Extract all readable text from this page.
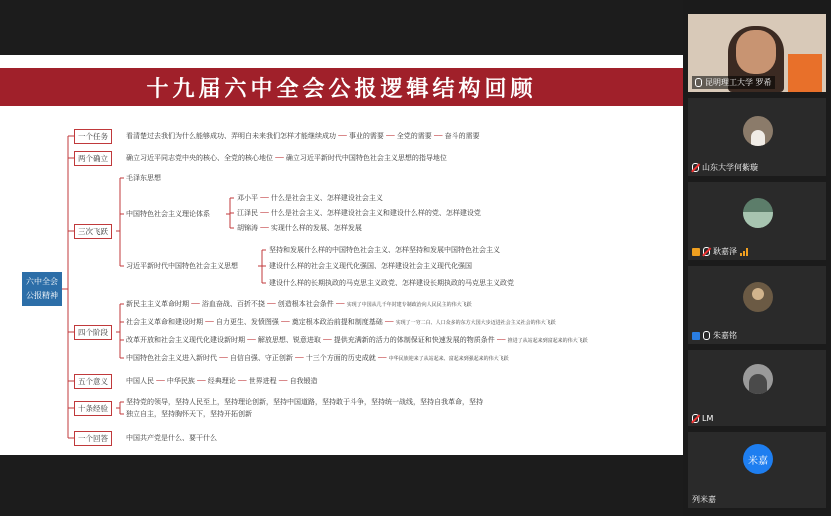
十九届六中全会公报逻辑结构回顾
六中全会
公报精神
一个任务	看清楚过去我们为什么能够成功、弄明白未来我们怎样才能继续成功 ── 事业的需要 ── 全党的需要 ── 奋斗的需要
两个确立	确立习近平同志党中央的核心、全党的核心地位 ── 确立习近平新时代中国特色社会主义思想的指导地位
三次飞跃
毛泽东思想
中国特色社会主义理论体系
习近平新时代中国特色社会主义思想
邓小平 ── 什么是社会主义、怎样建设社会主义
江泽民 ── 什么是社会主义、怎样建设社会主义和建设什么样的党、怎样建设党
胡锦涛 ── 实现什么样的发展、怎样发展
坚持和发展什么样的中国特色社会主义、怎样坚持和发展中国特色社会主义
建设什么样的社会主义现代化强国、怎样建设社会主义现代化强国
建设什么样的长期执政的马克思主义政党、怎样建设长期执政的马克思主义政党
四个阶段
新民主主义革命时期 ── 浴血奋战、百折不挠 ── 创造根本社会条件 ── 实现了中国从几千年封建专制政治向人民民主的伟大飞跃
社会主义革命和建设时期 ── 自力更生、发愤图强 ── 奠定根本政治前提和制度基础 ── 实现了一穷二白、人口众多的东方大国大步迈进社会主义社会的伟大飞跃
改革开放和社会主义现代化建设新时期 ── 解放思想、锐意进取 ── 提供充满新的活力的体制保证和快速发展的物质条件 ── 推进了从站起来到富起来的伟大飞跃
中国特色社会主义进入新时代 ── 自信自强、守正创新 ── 十三个方面的历史成就 ── 中华民族迎来了从站起来、富起来到强起来的伟大飞跃
五个意义	中国人民 ── 中华民族 ── 经典理论 ── 世界进程 ── 自我锻造
十条经验
坚持党的领导，坚持人民至上，坚持理论创新，坚持中国道路，坚持敢于斗争，坚持统一战线，坚持自我革命，坚持
独立自主，坚持胸怀天下，坚持开拓创新
一个回答	中国共产党是什么、要干什么
昆明理工大学 罗希
山东大学何紫璇
耿嘉泽
朱嘉铭
LM
米嘉
列米嘉
